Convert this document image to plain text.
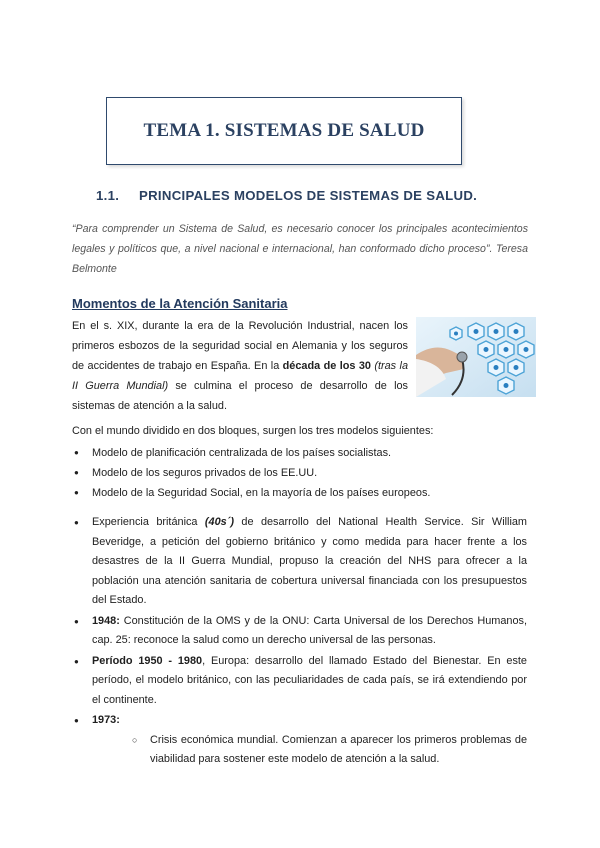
TEMA 1. SISTEMAS DE SALUD
1.1. PRINCIPALES MODELOS DE SISTEMAS DE SALUD.
“Para comprender un Sistema de Salud, es necesario conocer los principales acontecimientos legales y políticos que, a nivel nacional e internacional, han conformado dicho proceso”. Teresa Belmonte
Momentos de la Atención Sanitaria
En el s. XIX, durante la era de la Revolución Industrial, nacen los primeros esbozos de la seguridad social en Alemania y los seguros de accidentes de trabajo en España. En la década de los 30 (tras la II Guerra Mundial) se culmina el proceso de desarrollo de los sistemas de atención a la salud.
Con el mundo dividido en dos bloques, surgen los tres modelos siguientes:
● Modelo de planificación centralizada de los países socialistas.
● Modelo de los seguros privados de los EE.UU.
● Modelo de la Seguridad Social, en la mayoría de los países europeos.
● Experiencia británica (40s´) de desarrollo del National Health Service. Sir William Beveridge, a petición del gobierno británico y como medida para hacer frente a los desastres de la II Guerra Mundial, propuso la creación del NHS para ofrecer a la población una atención sanitaria de cobertura universal financiada con los presupuestos del Estado.
● 1948: Constitución de la OMS y de la ONU: Carta Universal de los Derechos Humanos, cap. 25: reconoce la salud como un derecho universal de las personas.
● Período 1950 - 1980, Europa: desarrollo del llamado Estado del Bienestar. En este período, el modelo británico, con las peculiaridades de cada país, se irá extendiendo por el continente.
● 1973:
○ Crisis económica mundial. Comienzan a aparecer los primeros problemas de viabilidad para sostener este modelo de atención a la salud.
